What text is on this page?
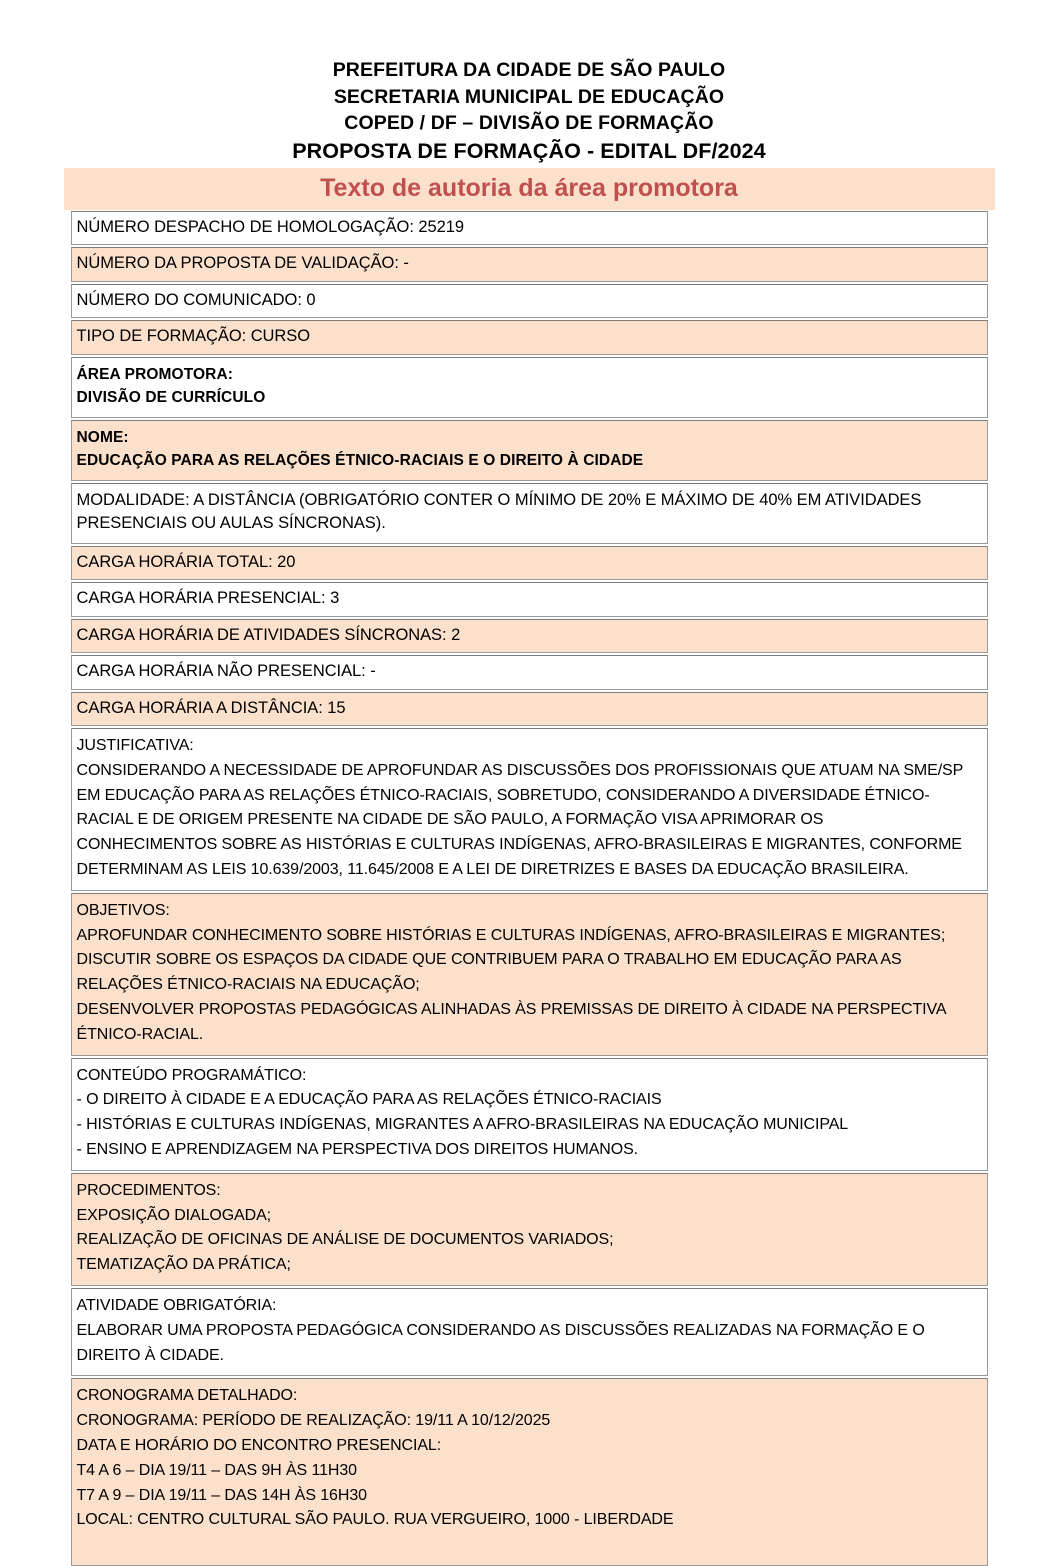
PREFEITURA DA CIDADE DE SÃO PAULO
SECRETARIA MUNICIPAL DE EDUCAÇÃO
COPED / DF – DIVISÃO DE FORMAÇÃO
PROPOSTA DE FORMAÇÃO - EDITAL DF/2024
Texto de autoria da área promotora
NÚMERO DESPACHO DE HOMOLOGAÇÃO: 25219
NÚMERO DA PROPOSTA DE VALIDAÇÃO: -
NÚMERO DO COMUNICADO: 0
TIPO DE FORMAÇÃO: CURSO
ÁREA PROMOTORA:
DIVISÃO DE CURRÍCULO
NOME:
EDUCAÇÃO PARA AS RELAÇÕES ÉTNICO-RACIAIS E O DIREITO À CIDADE
MODALIDADE: A DISTÂNCIA (OBRIGATÓRIO CONTER O MÍNIMO DE 20% E MÁXIMO DE 40% EM ATIVIDADES
PRESENCIAIS OU AULAS SÍNCRONAS).
CARGA HORÁRIA TOTAL: 20
CARGA HORÁRIA PRESENCIAL: 3
CARGA HORÁRIA DE ATIVIDADES SÍNCRONAS: 2
CARGA HORÁRIA NÃO PRESENCIAL: -
CARGA HORÁRIA A DISTÂNCIA: 15
JUSTIFICATIVA:
CONSIDERANDO A NECESSIDADE DE APROFUNDAR AS DISCUSSÕES DOS PROFISSIONAIS QUE ATUAM NA SME/SP
EM EDUCAÇÃO PARA AS RELAÇÕES ÉTNICO-RACIAIS, SOBRETUDO, CONSIDERANDO A DIVERSIDADE ÉTNICO-
RACIAL E DE ORIGEM PRESENTE NA CIDADE DE SÃO PAULO, A FORMAÇÃO VISA APRIMORAR OS
CONHECIMENTOS SOBRE AS HISTÓRIAS E CULTURAS INDÍGENAS, AFRO-BRASILEIRAS E MIGRANTES, CONFORME
DETERMINAM AS LEIS 10.639/2003, 11.645/2008 E A LEI DE DIRETRIZES E BASES DA EDUCAÇÃO BRASILEIRA.
OBJETIVOS:
APROFUNDAR CONHECIMENTO SOBRE HISTÓRIAS E CULTURAS INDÍGENAS, AFRO-BRASILEIRAS E MIGRANTES;
DISCUTIR SOBRE OS ESPAÇOS DA CIDADE QUE CONTRIBUEM PARA O TRABALHO EM EDUCAÇÃO PARA AS
RELAÇÕES ÉTNICO-RACIAIS NA EDUCAÇÃO;
DESENVOLVER PROPOSTAS PEDAGÓGICAS ALINHADAS ÀS PREMISSAS DE DIREITO À CIDADE NA PERSPECTIVA
ÉTNICO-RACIAL.
CONTEÚDO PROGRAMÁTICO:
- O DIREITO À CIDADE E A EDUCAÇÃO PARA AS RELAÇÕES ÉTNICO-RACIAIS
- HISTÓRIAS E CULTURAS INDÍGENAS, MIGRANTES A AFRO-BRASILEIRAS NA EDUCAÇÃO MUNICIPAL
- ENSINO E APRENDIZAGEM NA PERSPECTIVA DOS DIREITOS HUMANOS.
PROCEDIMENTOS:
EXPOSIÇÃO DIALOGADA;
REALIZAÇÃO DE OFICINAS DE ANÁLISE DE DOCUMENTOS VARIADOS;
TEMATIZAÇÃO DA PRÁTICA;
ATIVIDADE OBRIGATÓRIA:
ELABORAR UMA PROPOSTA PEDAGÓGICA CONSIDERANDO AS DISCUSSÕES REALIZADAS NA FORMAÇÃO E O
DIREITO À CIDADE.
CRONOGRAMA DETALHADO:
CRONOGRAMA: PERÍODO DE REALIZAÇÃO: 19/11 A 10/12/2025
DATA E HORÁRIO DO ENCONTRO PRESENCIAL:
T4 A 6 – DIA 19/11 – DAS 9H ÀS 11H30
T7 A 9 – DIA 19/11 – DAS 14H ÀS 16H30
LOCAL: CENTRO CULTURAL SÃO PAULO. RUA VERGUEIRO, 1000 - LIBERDADE
